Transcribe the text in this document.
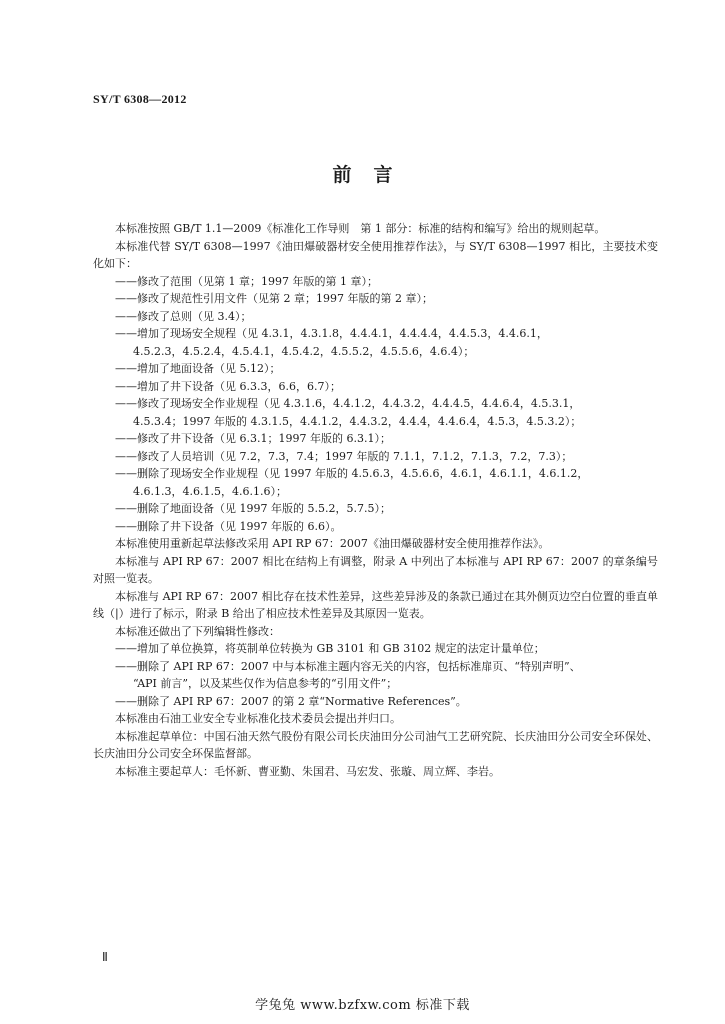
SY/T 6308—2012
前言

本标准按照 GB/T 1.1—2009《标准化工作导则　第 1 部分：标准的结构和编写》给出的规则起草。

本标准代替 SY/T 6308—1997《油田爆破器材安全使用推荐作法》，与 SY/T 6308—1997 相比，主要技术变化如下：

——修改了范围（见第 1 章；1997 年版的第 1 章）；

——修改了规范性引用文件（见第 2 章；1997 年版的第 2 章）；

——修改了总则（见 3.4）；

——增加了现场安全规程（见 4.3.1，4.3.1.8，4.4.4.1，4.4.4.4，4.4.5.3，4.4.6.1，

4.5.2.3，4.5.2.4，4.5.4.1，4.5.4.2，4.5.5.2，4.5.5.6，4.6.4）；

——增加了地面设备（见 5.12）；

——增加了井下设备（见 6.3.3，6.6，6.7）；

——修改了现场安全作业规程（见 4.3.1.6，4.4.1.2，4.4.3.2，4.4.4.5，4.4.6.4，4.5.3.1，

4.5.3.4；1997 年版的 4.3.1.5，4.4.1.2，4.4.3.2，4.4.4，4.4.6.4，4.5.3，4.5.3.2）；

——修改了井下设备（见 6.3.1；1997 年版的 6.3.1）；

——修改了人员培训（见 7.2，7.3，7.4；1997 年版的 7.1.1，7.1.2，7.1.3，7.2，7.3）；

——删除了现场安全作业规程（见 1997 年版的 4.5.6.3，4.5.6.6，4.6.1，4.6.1.1，4.6.1.2，

4.6.1.3，4.6.1.5，4.6.1.6）；

——删除了地面设备（见 1997 年版的 5.5.2，5.7.5）；

——删除了井下设备（见 1997 年版的 6.6）。

本标准使用重新起草法修改采用 API RP 67：2007《油田爆破器材安全使用推荐作法》。

本标准与 API RP 67：2007 相比在结构上有调整，附录 A 中列出了本标准与 API RP 67：2007 的章条编号对照一览表。

本标准与 API RP 67：2007 相比存在技术性差异，这些差异涉及的条款已通过在其外侧页边空白位置的垂直单线（|）进行了标示，附录 B 给出了相应技术性差异及其原因一览表。

本标准还做出了下列编辑性修改：

——增加了单位换算，将英制单位转换为 GB 3101 和 GB 3102 规定的法定计量单位；

——删除了 API RP 67：2007 中与本标准主题内容无关的内容，包括标准扉页、“特别声明”、

“API 前言”，以及某些仅作为信息参考的“引用文件”；

——删除了 API RP 67：2007 的第 2 章“Normative References”。

本标准由石油工业安全专业标准化技术委员会提出并归口。

本标准起草单位：中国石油天然气股份有限公司长庆油田分公司油气工艺研究院、长庆油田分公司安全环保处、长庆油田分公司安全环保监督部。

本标准主要起草人：毛怀新、曹亚勤、朱国君、马宏发、张璇、周立辉、李岩。

Ⅱ
学兔兔 www.bzfxw.com 标准下载
